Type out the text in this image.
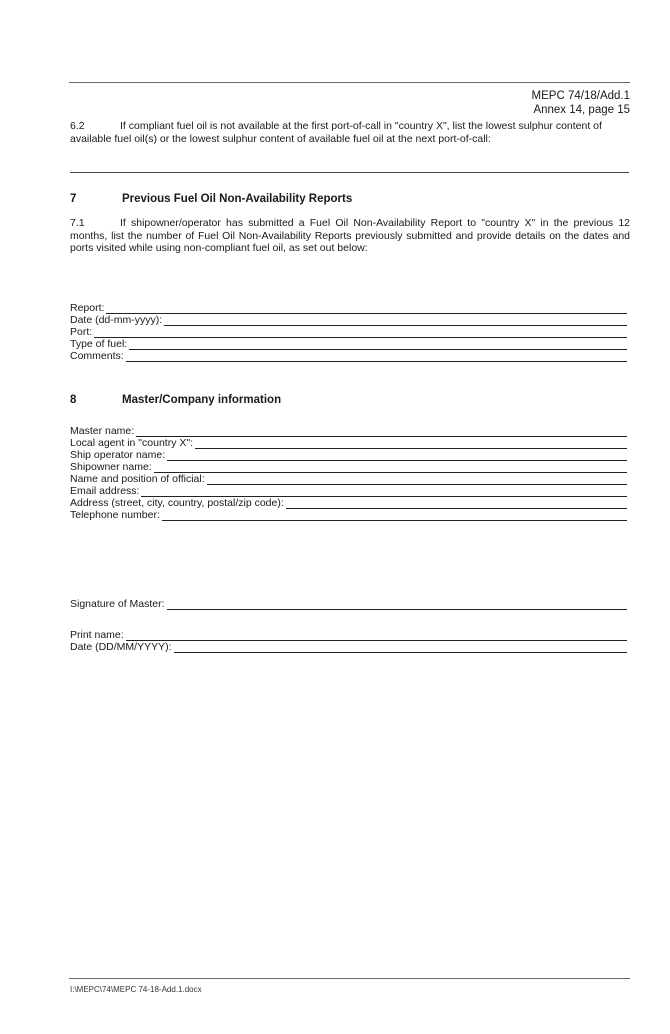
MEPC 74/18/Add.1
Annex 14, page 15
6.2	If compliant fuel oil is not available at the first port-of-call in "country X", list the lowest sulphur content of available fuel oil(s) or the lowest sulphur content of available fuel oil at the next port-of-call:
7	Previous Fuel Oil Non-Availability Reports
7.1	If shipowner/operator has submitted a Fuel Oil Non-Availability Report to "country X" in the previous 12 months, list the number of Fuel Oil Non-Availability Reports previously submitted and provide details on the dates and ports visited while using non-compliant fuel oil, as set out below:
Report:
Date (dd-mm-yyyy):
Port:
Type of fuel:
Comments:
8	Master/Company information
Master name:
Local agent in "country X":
Ship operator name:
Shipowner name:
Name and position of official:
Email address:
Address (street, city, country, postal/zip code):
Telephone number:
Signature of Master:
Print name:
Date (DD/MM/YYYY):
I:\MEPC\74\MEPC 74-18-Add.1.docx
